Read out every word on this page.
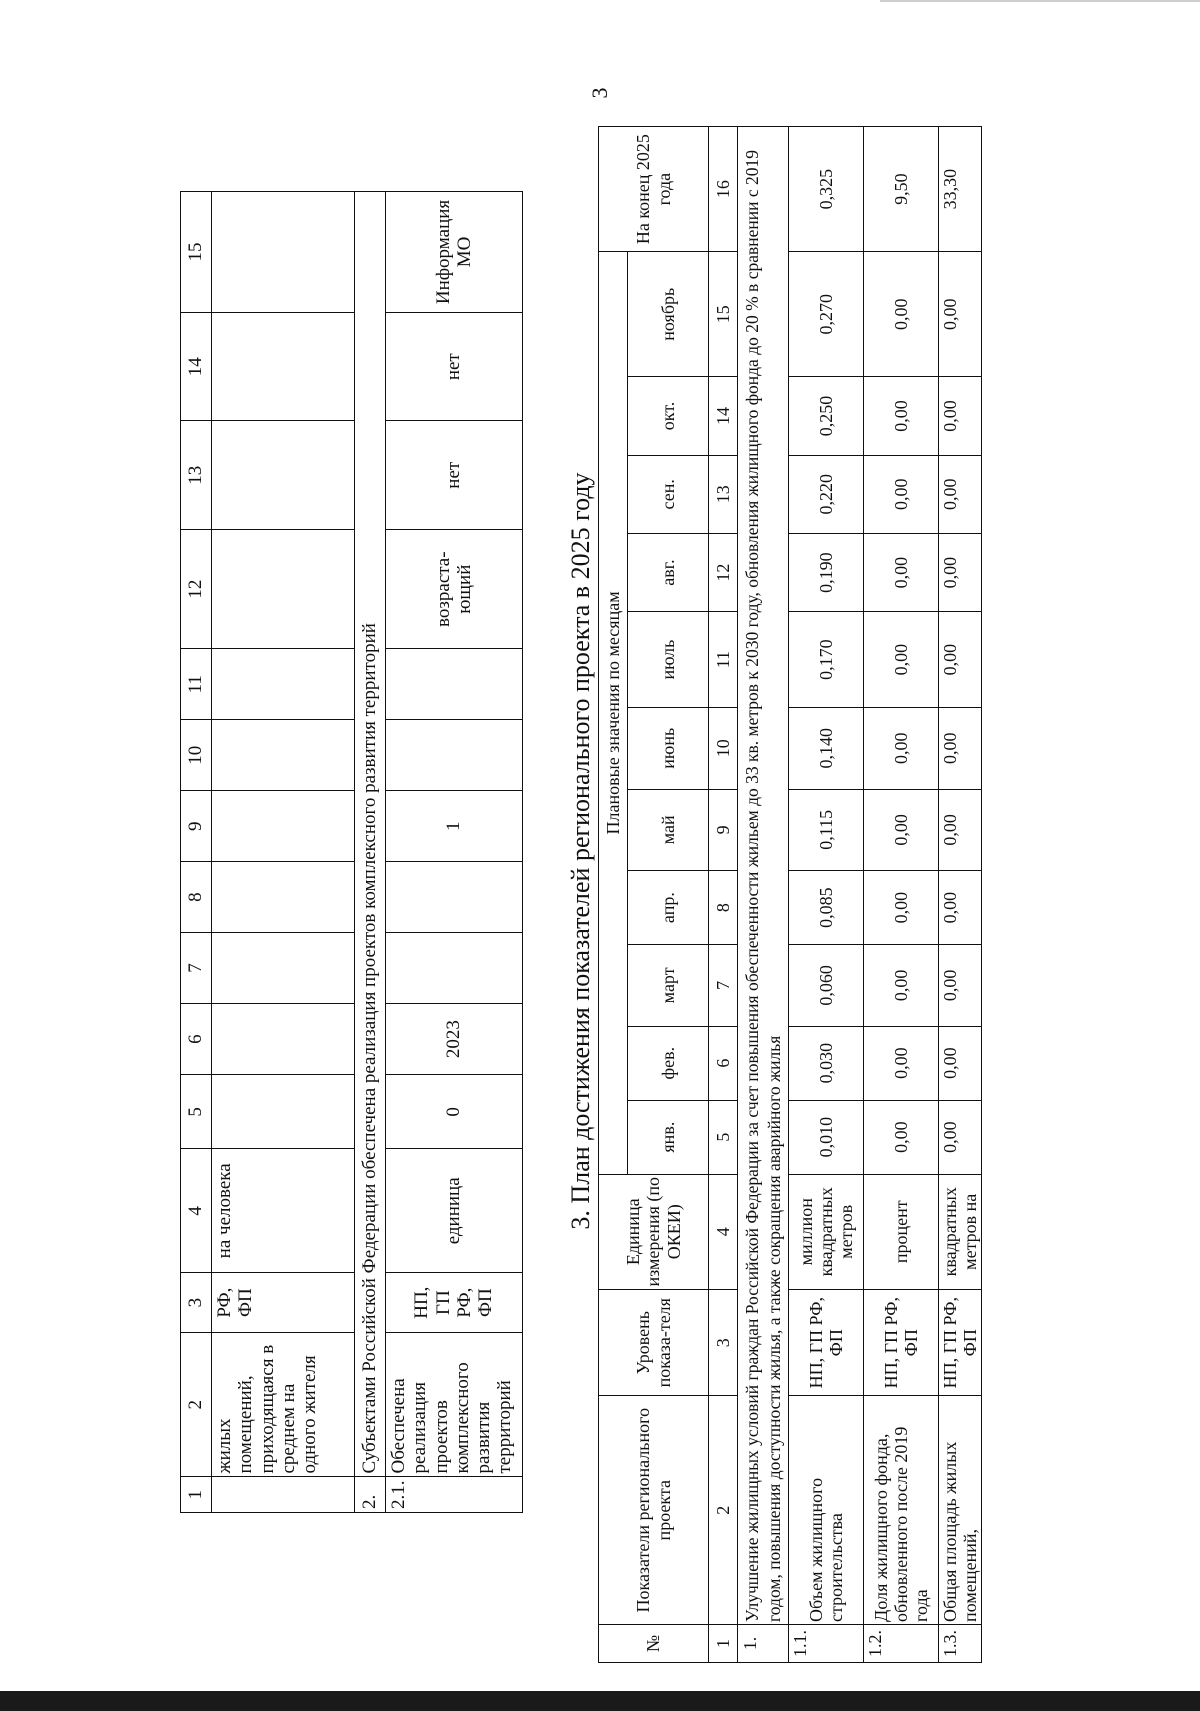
3
1	2	3	4	5	6	7	8	9	10	11	12	13	14	15
	жилых помещений, приходящаяся в среднем на одного жителя	РФ, ФП	на человека											
2.	Субъектами Российской Федерации обеспечена реализация проектов комплексного развития территорий													
2.1.	Обеспечена реализация проектов комплексного развития территорий	НП, ГП РФ, ФП	единица	0	2023			1			возраста-ющий	нет	нет	Информация МО
3. План достижения показателей регионального проекта в 2025 году
№	Показатели регионального проекта	Уровень показа-теля	Единица измерения (по ОКЕИ)	Плановые значения по месяцам											На конец 2025 года
				янв.	фев.	март	апр.	май	июнь	июль	авг.	сен.	окт.	ноябрь	
1	2	3	4	5	6	7	8	9	10	11	12	13	14	15	16
1.	Улучшение жилищных условий граждан Российской Федерации за счет повышения обеспеченности жильем до 33 кв. метров к 2030 году, обновления жилищного фонда до 20 % в сравнении с 2019 годом, повышения доступности жилья, а также сокращения аварийного жилья														
1.1.	Объем жилищного строительства	НП, ГП РФ, ФП	миллион квадратных метров	0,010	0,030	0,060	0,085	0,115	0,140	0,170	0,190	0,220	0,250	0,270	0,325
1.2.	Доля жилищного фонда, обновленного после 2019 года	НП, ГП РФ, ФП	процент	0,00	0,00	0,00	0,00	0,00	0,00	0,00	0,00	0,00	0,00	0,00	9,50
1.3.	Общая площадь жилых помещений,	НП, ГП РФ, ФП	квадратных метров на	0,00	0,00	0,00	0,00	0,00	0,00	0,00	0,00	0,00	0,00	0,00	33,30
